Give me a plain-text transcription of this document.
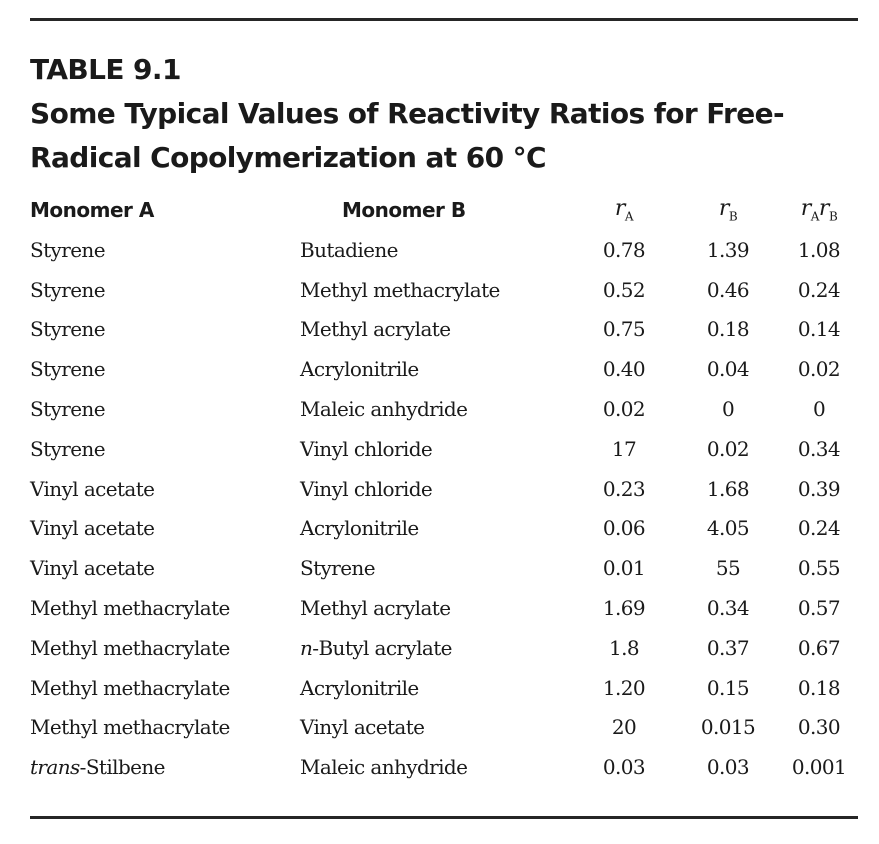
TABLE 9.1
Some Typical Values of Reactivity Ratios for Free-
Radical Copolymerization at 60 °C
Monomer A	Monomer B	$r_A$	$r_B$	$r_Ar_B$
Styrene	Butadiene	0.78	1.39	1.08
Styrene	Methyl methacrylate	0.52	0.46	0.24
Styrene	Methyl acrylate	0.75	0.18	0.14
Styrene	Acrylonitrile	0.40	0.04	0.02
Styrene	Maleic anhydride	0.02	0	0
Styrene	Vinyl chloride	17	0.02	0.34
Vinyl acetate	Vinyl chloride	0.23	1.68	0.39
Vinyl acetate	Acrylonitrile	0.06	4.05	0.24
Vinyl acetate	Styrene	0.01	55	0.55
Methyl methacrylate	Methyl acrylate	1.69	0.34	0.57
Methyl methacrylate	n-Butyl acrylate	1.8	0.37	0.67
Methyl methacrylate	Acrylonitrile	1.20	0.15	0.18
Methyl methacrylate	Vinyl acetate	20	0.015	0.30
trans-Stilbene	Maleic anhydride	0.03	0.03	0.001
